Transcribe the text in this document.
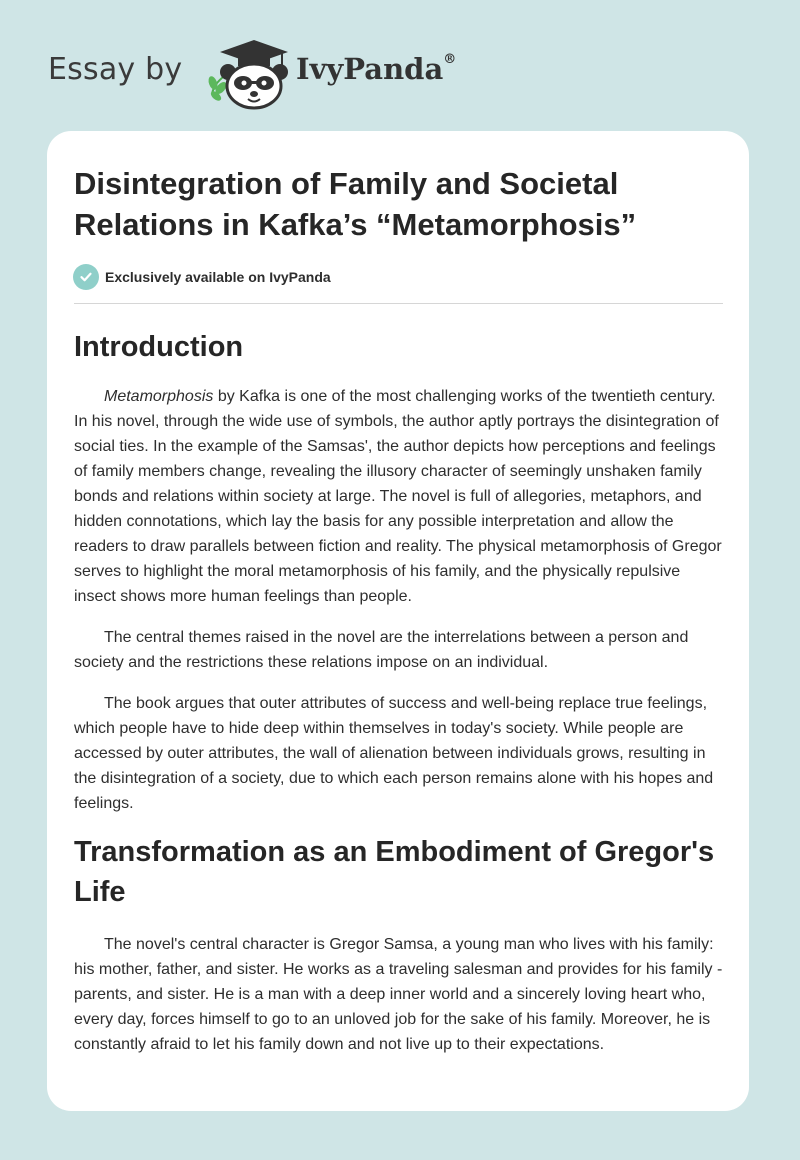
Essay by	IvyPanda®
Disintegration of Family and Societal Relations in Kafka’s “Metamorphosis”
Exclusively available on IvyPanda
Introduction

Metamorphosis by Kafka is one of the most challenging works of the twentieth century. In his novel, through the wide use of symbols, the author aptly portrays the disintegration of social ties. In the example of the Samsas', the author depicts how perceptions and feelings of family members change, revealing the illusory character of seemingly unshaken family bonds and relations within society at large. The novel is full of allegories, metaphors, and hidden connotations, which lay the basis for any possible interpretation and allow the readers to draw parallels between fiction and reality. The physical metamorphosis of Gregor serves to highlight the moral metamorphosis of his family, and the physically repulsive insect shows more human feelings than people.

The central themes raised in the novel are the interrelations between a person and society and the restrictions these relations impose on an individual.

The book argues that outer attributes of success and well-being replace true feelings, which people have to hide deep within themselves in today's society. While people are accessed by outer attributes, the wall of alienation between individuals grows, resulting in the disintegration of a society, due to which each person remains alone with his hopes and feelings.

Transformation as an Embodiment of Gregor's Life

The novel's central character is Gregor Samsa, a young man who lives with his family: his mother, father, and sister. He works as a traveling salesman and provides for his family - parents, and sister. He is a man with a deep inner world and a sincerely loving heart who, every day, forces himself to go to an unloved job for the sake of his family. Moreover, he is constantly afraid to let his family down and not live up to their expectations.
